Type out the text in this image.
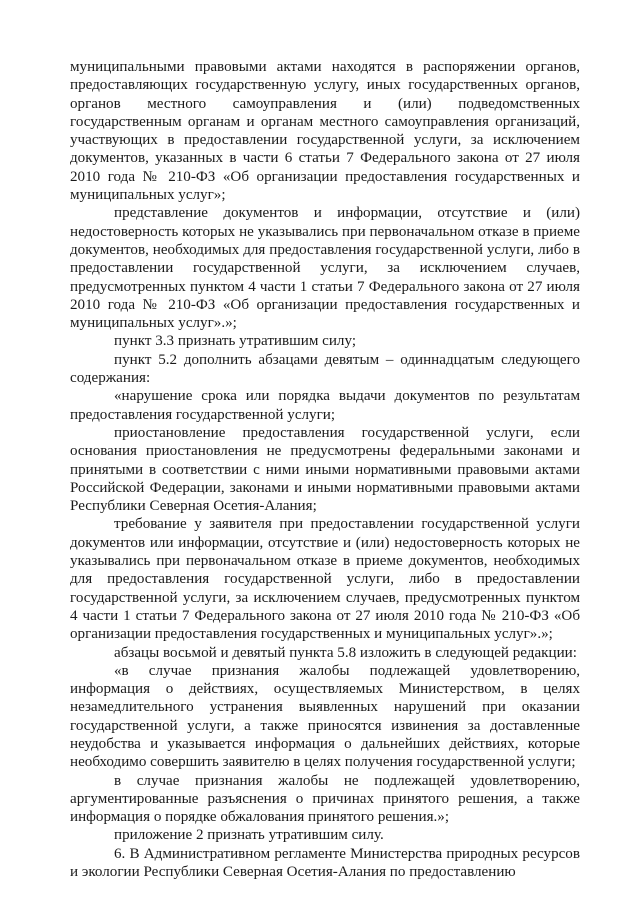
муниципальными правовыми актами находятся в распоряжении органов, предоставляющих государственную услугу, иных государственных органов, органов местного самоуправления и (или) подведомственных государственным органам и органам местного самоуправления организаций, участвующих в предоставлении государственной услуги, за исключением документов, указанных в части 6 статьи 7 Федерального закона от 27 июля 2010 года № 210-ФЗ «Об организации предоставления государственных и муниципальных услуг»;

представление документов и информации, отсутствие и (или) недостоверность которых не указывались при первоначальном отказе в приеме документов, необходимых для предоставления государственной услуги, либо в предоставлении государственной услуги, за исключением случаев, предусмотренных пунктом 4 части 1 статьи 7 Федерального закона от 27 июля 2010 года № 210-ФЗ «Об организации предоставления государственных и муниципальных услуг».»;

пункт 3.3 признать утратившим силу;

пункт 5.2 дополнить абзацами девятым – одиннадцатым следующего содержания:

«нарушение срока или порядка выдачи документов по результатам предоставления государственной услуги;

приостановление предоставления государственной услуги, если основания приостановления не предусмотрены федеральными законами и принятыми в соответствии с ними иными нормативными правовыми актами Российской Федерации, законами и иными нормативными правовыми актами Республики Северная Осетия-Алания;

требование у заявителя при предоставлении государственной услуги документов или информации, отсутствие и (или) недостоверность которых не указывались при первоначальном отказе в приеме документов, необходимых для предоставления государственной услуги, либо в предоставлении государственной услуги, за исключением случаев, предусмотренных пунктом 4 части 1 статьи 7 Федерального закона от 27 июля 2010 года № 210-ФЗ «Об организации предоставления государственных и муниципальных услуг».»;

абзацы восьмой и девятый пункта 5.8 изложить в следующей редакции:

«в случае признания жалобы подлежащей удовлетворению, информация о действиях, осуществляемых Министерством, в целях незамедлительного устранения выявленных нарушений при оказании государственной услуги, а также приносятся извинения за доставленные неудобства и указывается информация о дальнейших действиях, которые необходимо совершить заявителю в целях получения государственной услуги;

в случае признания жалобы не подлежащей удовлетворению, аргументированные разъяснения о причинах принятого решения, а также информация о порядке обжалования принятого решения.»;

приложение 2 признать утратившим силу.

6. В Административном регламенте Министерства природных ресурсов и экологии Республики Северная Осетия-Алания по предоставлению
